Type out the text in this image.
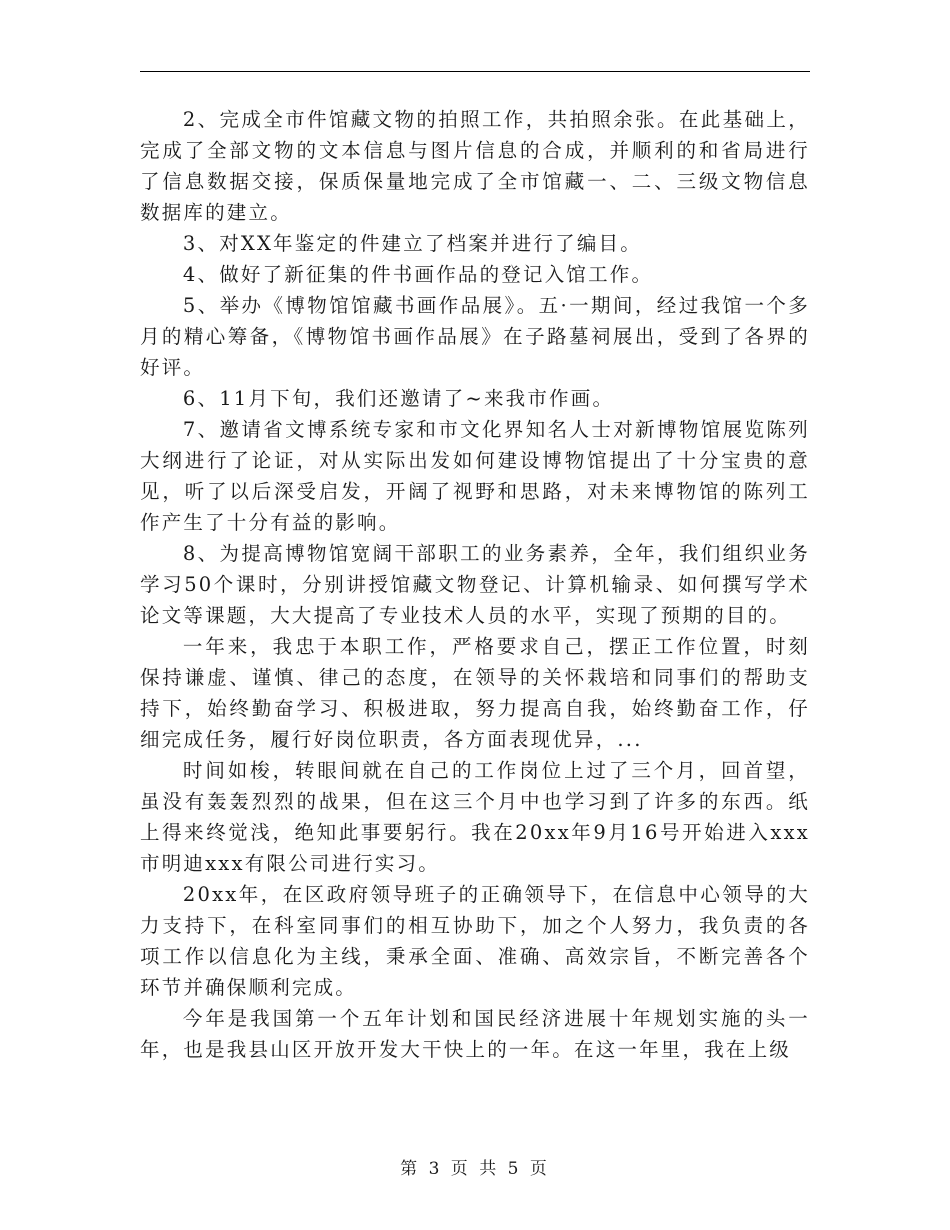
2、完成全市件馆藏文物的拍照工作，共拍照余张。在此基础上，完成了全部文物的文本信息与图片信息的合成，并顺利的和省局进行了信息数据交接，保质保量地完成了全市馆藏一、二、三级文物信息数据库的建立。

3、对XX年鉴定的件建立了档案并进行了编目。

4、做好了新征集的件书画作品的登记入馆工作。

5、举办《博物馆馆藏书画作品展》。五·一期间，经过我馆一个多月的精心筹备，《博物馆书画作品展》在子路墓祠展出，受到了各界的好评。

6、11月下旬，我们还邀请了~来我市作画。

7、邀请省文博系统专家和市文化界知名人士对新博物馆展览陈列大纲进行了论证，对从实际出发如何建设博物馆提出了十分宝贵的意见，听了以后深受启发，开阔了视野和思路，对未来博物馆的陈列工作产生了十分有益的影响。

8、为提高博物馆宽阔干部职工的业务素养，全年，我们组织业务学习50个课时，分别讲授馆藏文物登记、计算机输录、如何撰写学术论文等课题，大大提高了专业技术人员的水平，实现了预期的目的。

一年来，我忠于本职工作，严格要求自己，摆正工作位置，时刻保持谦虚、谨慎、律己的态度，在领导的关怀栽培和同事们的帮助支持下，始终勤奋学习、积极进取，努力提高自我，始终勤奋工作，仔细完成任务，履行好岗位职责，各方面表现优异，...

时间如梭，转眼间就在自己的工作岗位上过了三个月，回首望，虽没有轰轰烈烈的战果，但在这三个月中也学习到了许多的东西。纸上得来终觉浅，绝知此事要躬行。我在20xx年9月16号开始进入xxx市明迪xxx有限公司进行实习。

20xx年，在区政府领导班子的正确领导下，在信息中心领导的大力支持下，在科室同事们的相互协助下，加之个人努力，我负责的各项工作以信息化为主线，秉承全面、准确、高效宗旨，不断完善各个环节并确保顺利完成。

今年是我国第一个五年计划和国民经济进展十年规划实施的头一年，也是我县山区开放开发大干快上的一年。在这一年里，我在上级

第 3 页 共 5 页
